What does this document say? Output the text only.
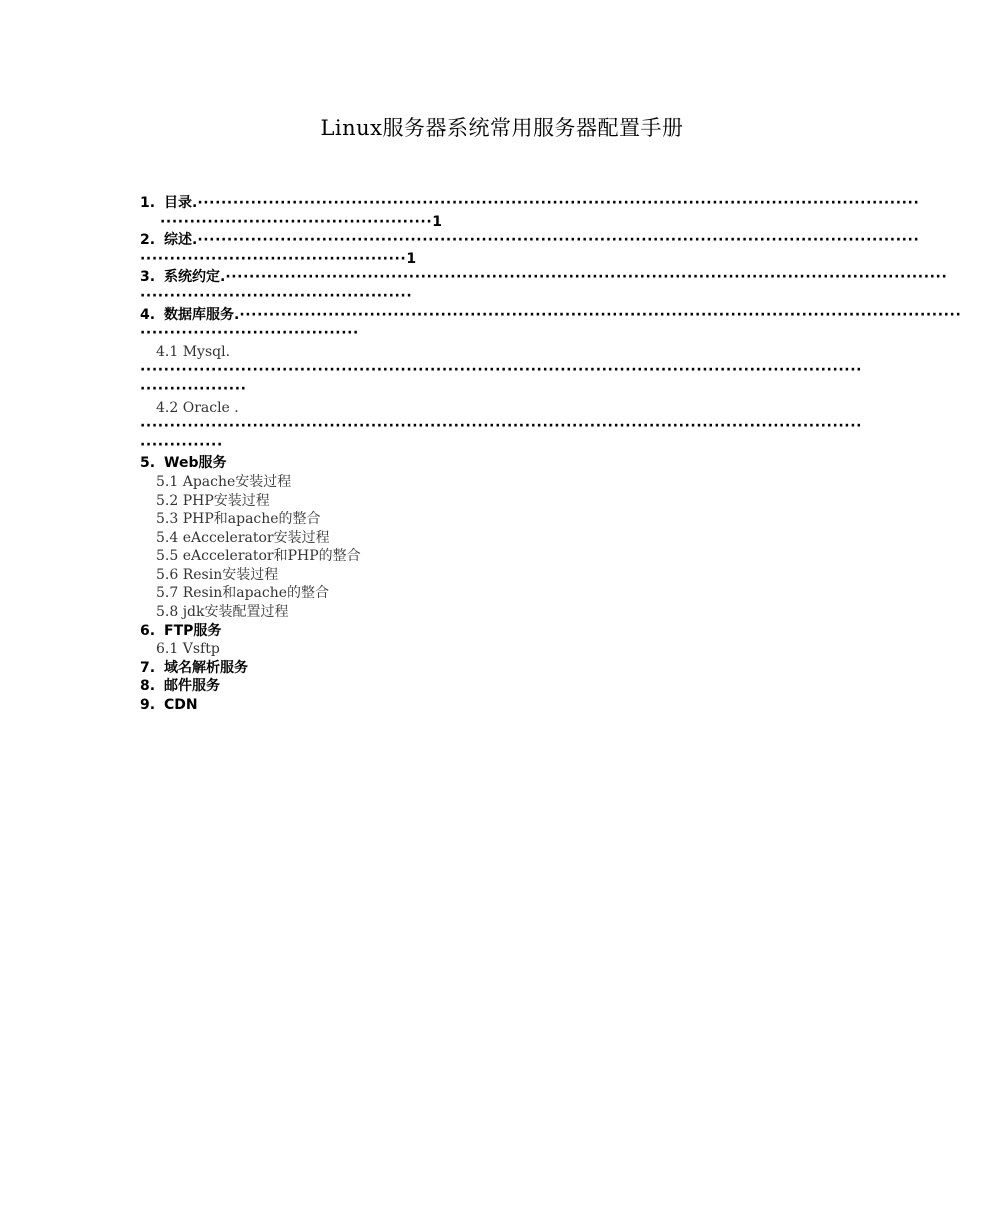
Linux服务器系统常用服务器配置手册
1. 目录.··························································································································
··············································1
2. 综述.··························································································································
·············································1
3. 系统约定.··························································································································
··············································
4. 数据库服务.··························································································································
·····································
4.1 Mysql.
··························································································································
··················
4.2 Oracle .
··························································································································
··············
5. Web服务
5.1 Apache安装过程
5.2 PHP安装过程
5.3 PHP和apache的整合
5.4 eAccelerator安装过程
5.5 eAccelerator和PHP的整合
5.6 Resin安装过程
5.7 Resin和apache的整合
5.8 jdk安装配置过程
6. FTP服务
6.1 Vsftp
7. 域名解析服务
8. 邮件服务
9. CDN
